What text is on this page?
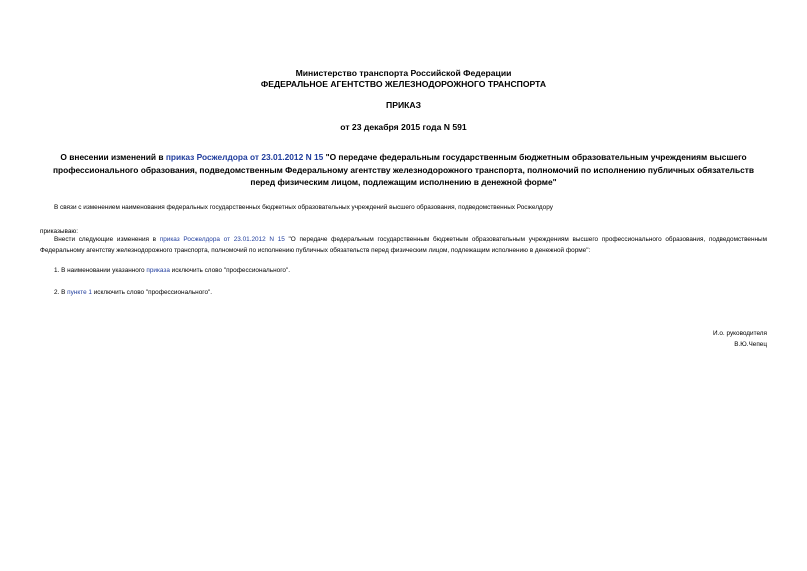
Министерство транспорта Российской Федерации
ФЕДЕРАЛЬНОЕ АГЕНТСТВО ЖЕЛЕЗНОДОРОЖНОГО ТРАНСПОРТА
ПРИКАЗ
от 23 декабря 2015 года N 591
О внесении изменений в приказ Росжелдора от 23.01.2012 N 15 "О передаче федеральным государственным бюджетным образовательным учреждениям высшего профессионального образования, подведомственным Федеральному агентству железнодорожного транспорта, полномочий по исполнению публичных обязательств перед физическим лицом, подлежащим исполнению в денежной форме"
В связи с изменением наименования федеральных государственных бюджетных образовательных учреждений высшего образования, подведомственных Росжелдору
приказываю:
Внести следующие изменения в приказ Росжелдора от 23.01.2012 N 15 "О передаче федеральным государственным бюджетным образовательным учреждениям высшего профессионального образования, подведомственным Федеральному агентству железнодорожного транспорта, полномочий по исполнению публичных обязательств перед физическим лицом, подлежащим исполнению в денежной форме":
1. В наименовании указанного приказа исключить слово "профессионального".
2. В пункте 1 исключить слово "профессионального".
И.о. руководителя
В.Ю.Чепец
